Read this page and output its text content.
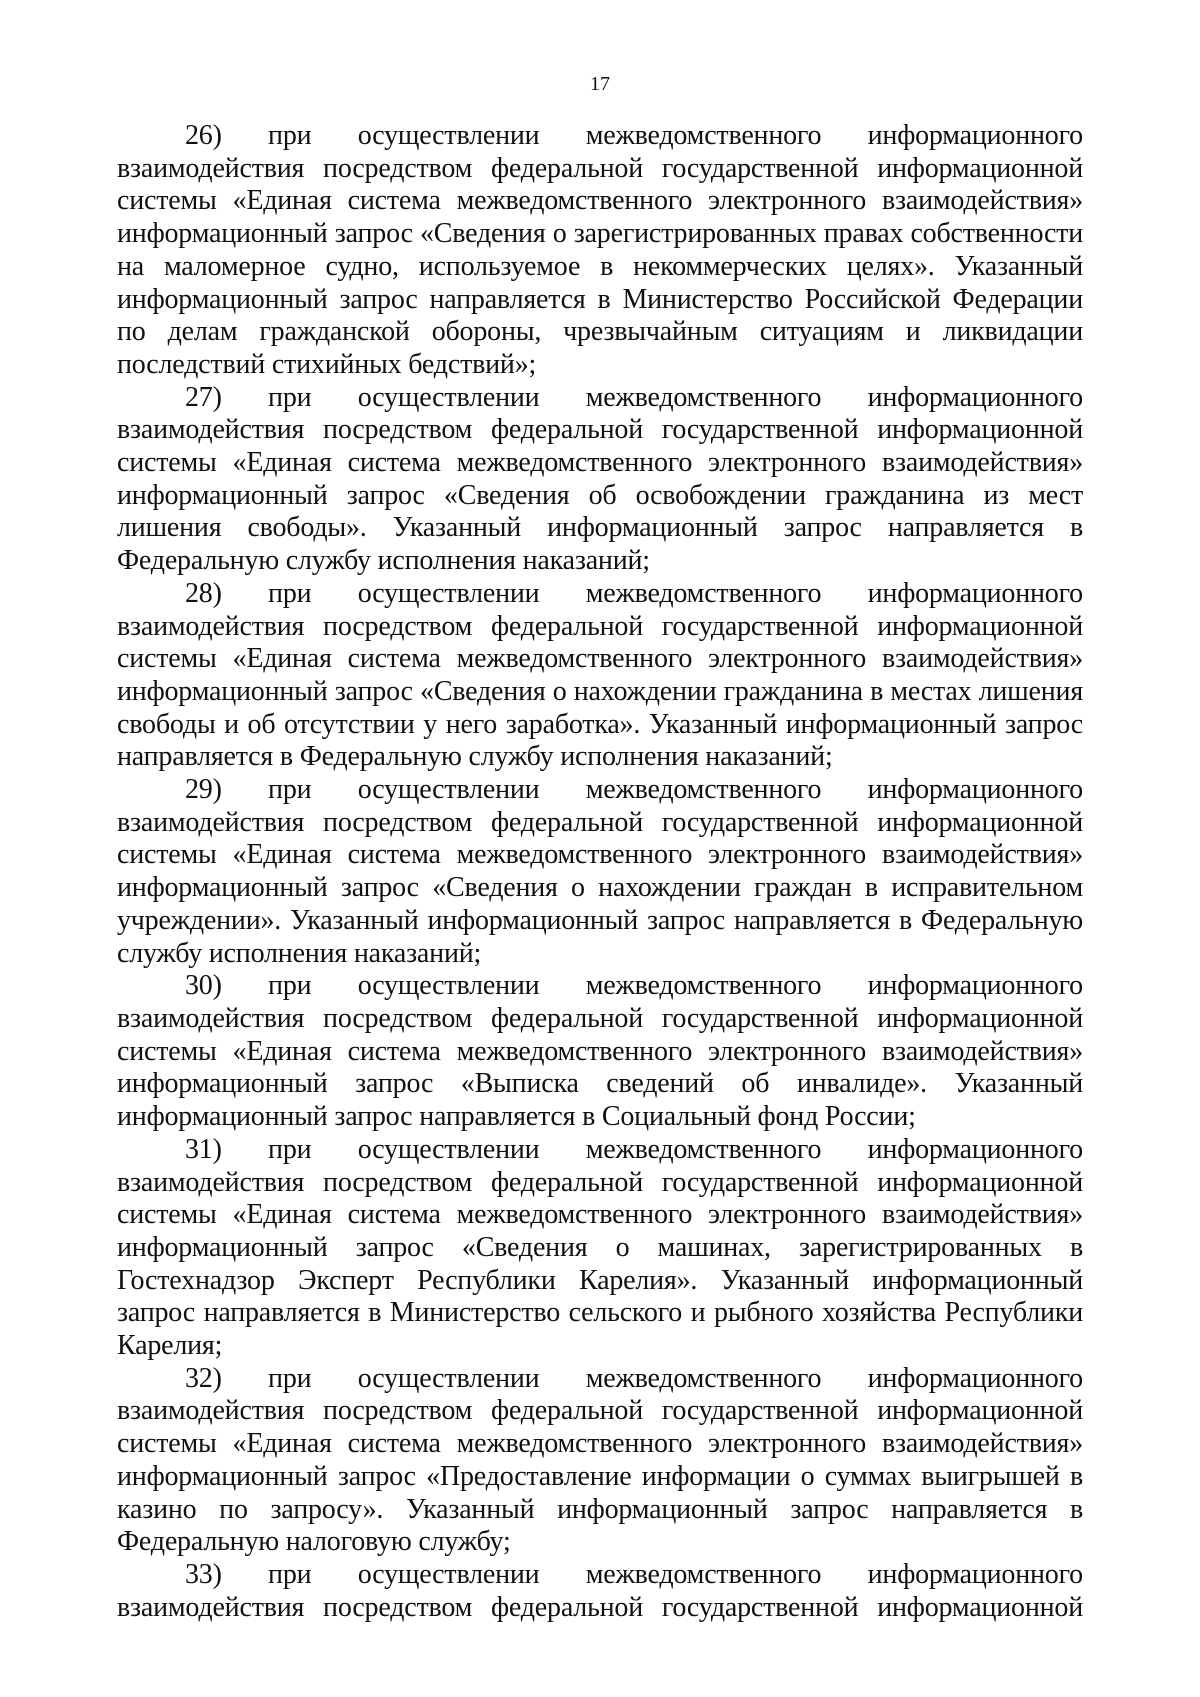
17

26) при осуществлении межведомственного информационного взаимодействия посредством федеральной государственной информационной системы «Единая система межведомственного электронного взаимодействия» информационный запрос «Сведения о зарегистрированных правах собственности на маломерное судно, используемое в некоммерческих целях». Указанный информационный запрос направляется в Министерство Российской Федерации по делам гражданской обороны, чрезвычайным ситуациям и ликвидации последствий стихийных бедствий»;

27) при осуществлении межведомственного информационного взаимодействия посредством федеральной государственной информационной системы «Единая система межведомственного электронного взаимодействия» информационный запрос «Сведения об освобождении гражданина из мест лишения свободы». Указанный информационный запрос направляется в Федеральную службу исполнения наказаний;

28) при осуществлении межведомственного информационного взаимодействия посредством федеральной государственной информационной системы «Единая система межведомственного электронного взаимодействия» информационный запрос «Сведения о нахождении гражданина в местах лишения свободы и об отсутствии у него заработка». Указанный информационный запрос направляется в Федеральную службу исполнения наказаний;

29) при осуществлении межведомственного информационного взаимодействия посредством федеральной государственной информационной системы «Единая система межведомственного электронного взаимодействия» информационный запрос «Сведения о нахождении граждан в исправительном учреждении». Указанный информационный запрос направляется в Федеральную службу исполнения наказаний;

30) при осуществлении межведомственного информационного взаимодействия посредством федеральной государственной информационной системы «Единая система межведомственного электронного взаимодействия» информационный запрос «Выписка сведений об инвалиде». Указанный информационный запрос направляется в Социальный фонд России;

31) при осуществлении межведомственного информационного взаимодействия посредством федеральной государственной информационной системы «Единая система межведомственного электронного взаимодействия» информационный запрос «Сведения о машинах, зарегистрированных в Гостехнадзор Эксперт Республики Карелия». Указанный информационный запрос направляется в Министерство сельского и рыбного хозяйства Республики Карелия;

32) при осуществлении межведомственного информационного взаимодействия посредством федеральной государственной информационной системы «Единая система межведомственного электронного взаимодействия» информационный запрос «Предоставление информации о суммах выигрышей в казино по запросу». Указанный информационный запрос направляется в Федеральную налоговую службу;

33) при осуществлении межведомственного информационного взаимодействия посредством федеральной государственной информационной
